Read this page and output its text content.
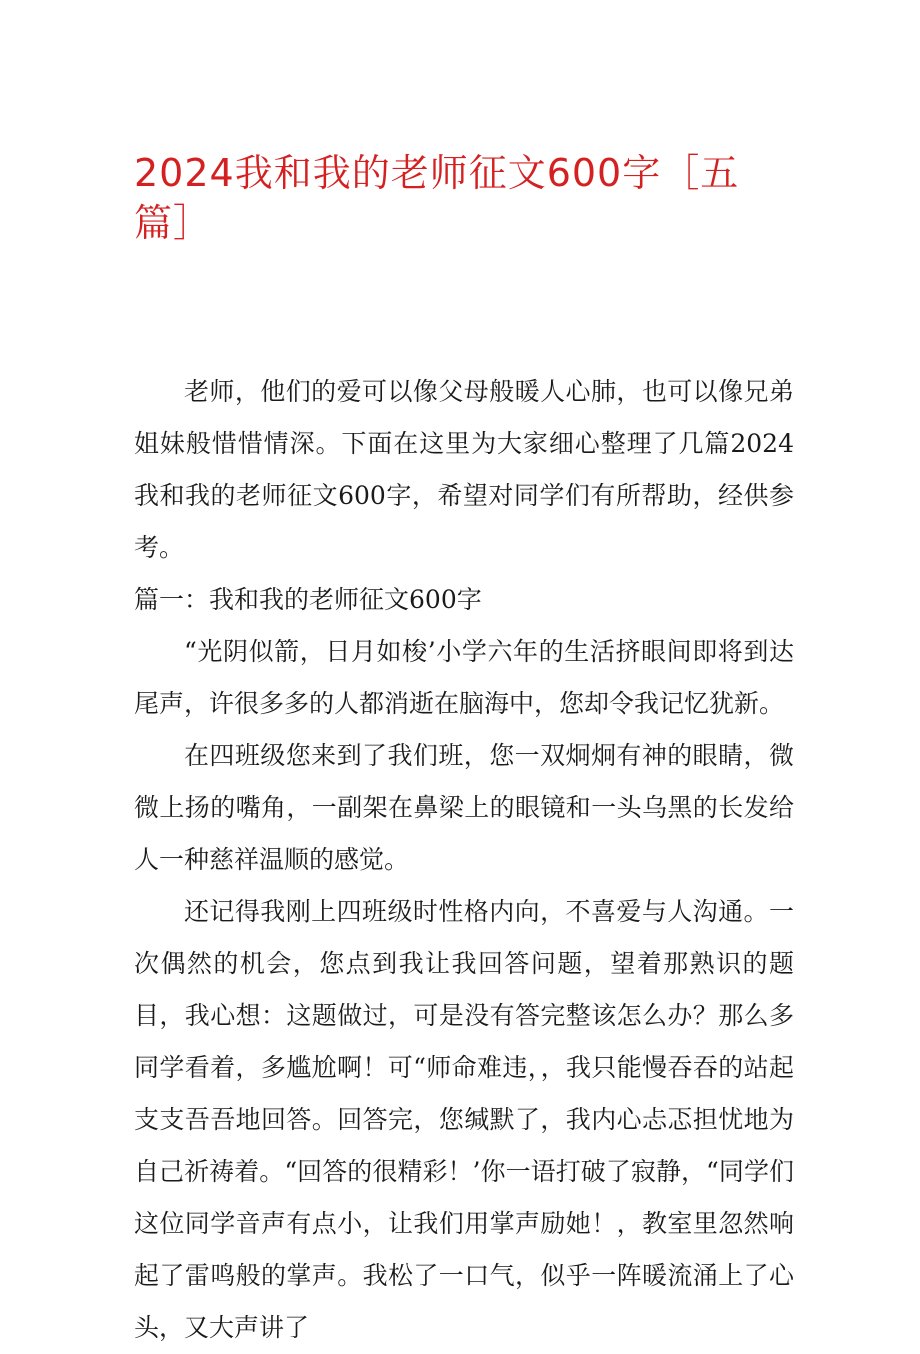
2024我和我的老师征文600字［五篇］

老师，他们的爱可以像父母般暖人心肺，也可以像兄弟姐妹般惜惜情深。下面在这里为大家细心整理了几篇2024我和我的老师征文600字，希望对同学们有所帮助，经供参考。

篇一：我和我的老师征文600字

“光阴似箭，日月如梭’小学六年的生活挤眼间即将到达尾声，许很多多的人都消逝在脑海中，您却令我记忆犹新。

在四班级您来到了我们班，您一双炯炯有神的眼睛，微微上扬的嘴角，一副架在鼻梁上的眼镜和一头乌黑的长发给人一种慈祥温顺的感觉。

还记得我刚上四班级时性格内向，不喜爱与人沟通。一次偶然的机会，您点到我让我回答问题，望着那熟识的题目，我心想：这题做过，可是没有答完整该怎么办？那么多同学看着，多尴尬啊！可“师命难违，，我只能慢吞吞的站起支支吾吾地回答。回答完，您缄默了，我内心忐忑担忧地为自己祈祷着。“回答的很精彩！’你一语打破了寂静，“同学们这位同学音声有点小，让我们用掌声励她！，教室里忽然响起了雷鸣般的掌声。我松了一口气，似乎一阵暖流涌上了心头，又大声讲了
